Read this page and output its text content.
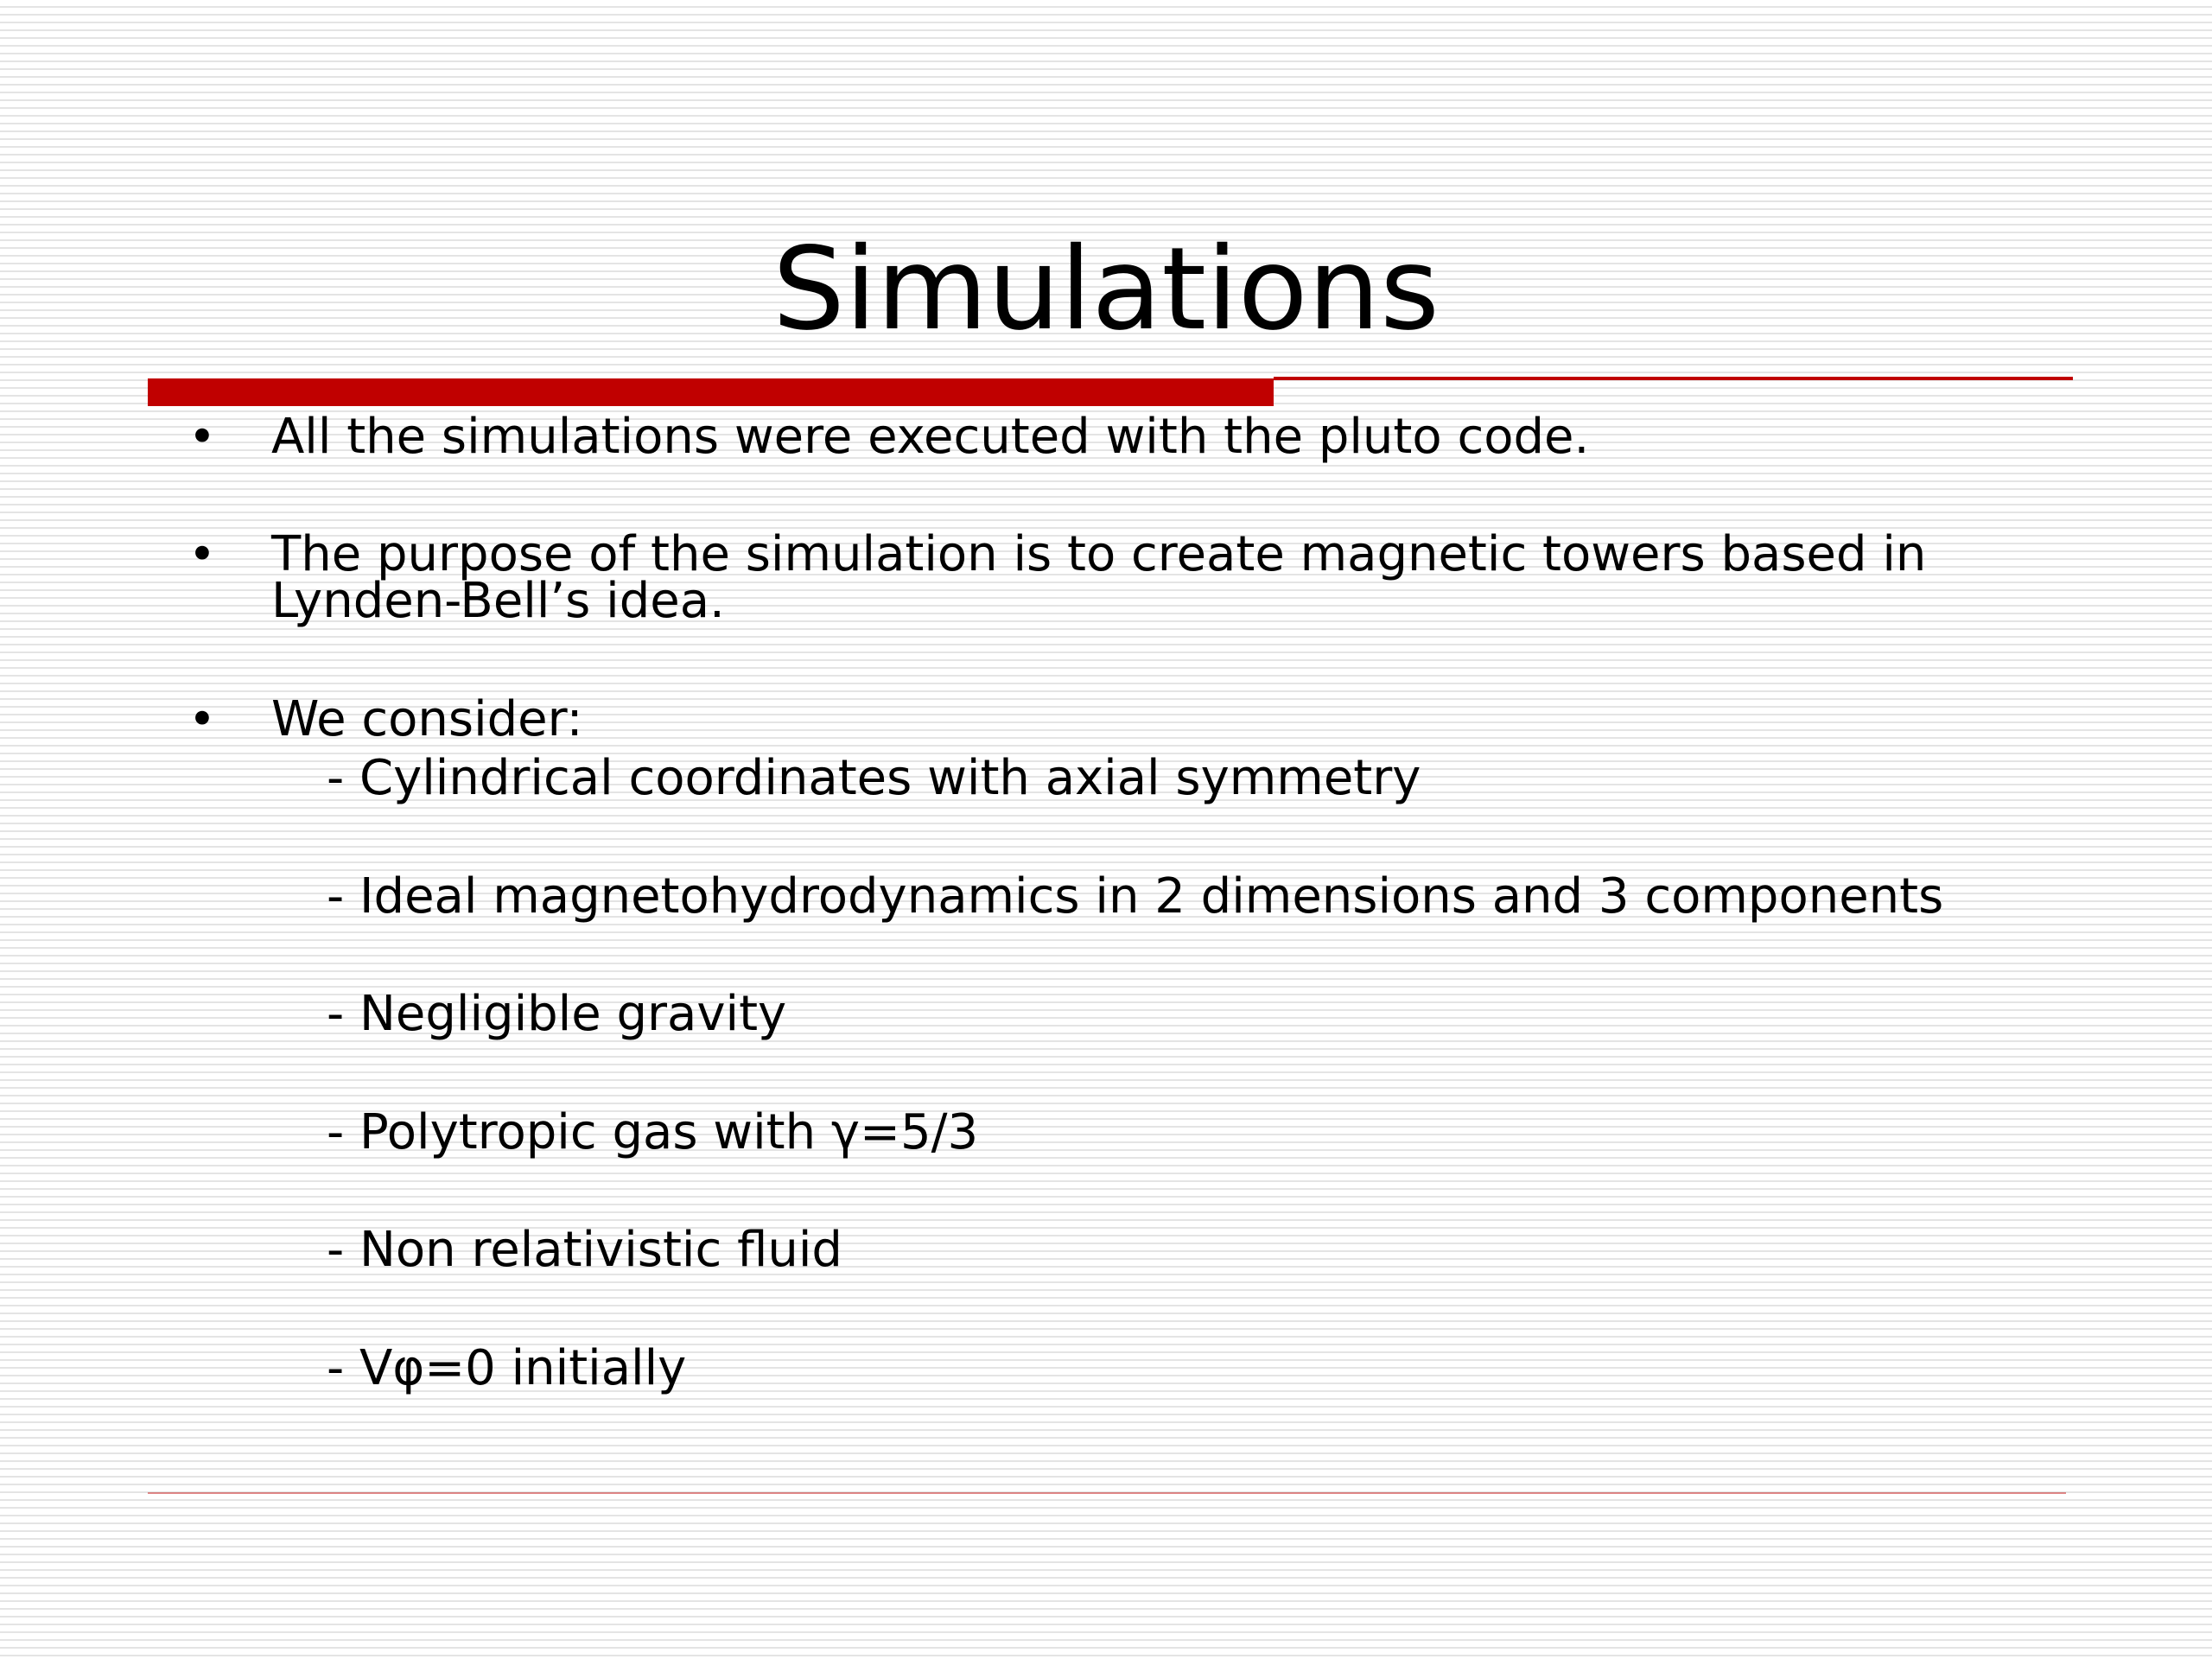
Simulations
• All the simulations were executed with the pluto code.
• The purpose of the simulation is to create magnetic towers based in
Lynden-Bell’s idea.
• We consider:
- Cylindrical coordinates with axial symmetry
- Ideal magnetohydrodynamics in 2 dimensions and 3 components
- Negligible gravity
- Polytropic gas with γ=5/3
- Non relativistic fluid
- Vφ=0 initially
